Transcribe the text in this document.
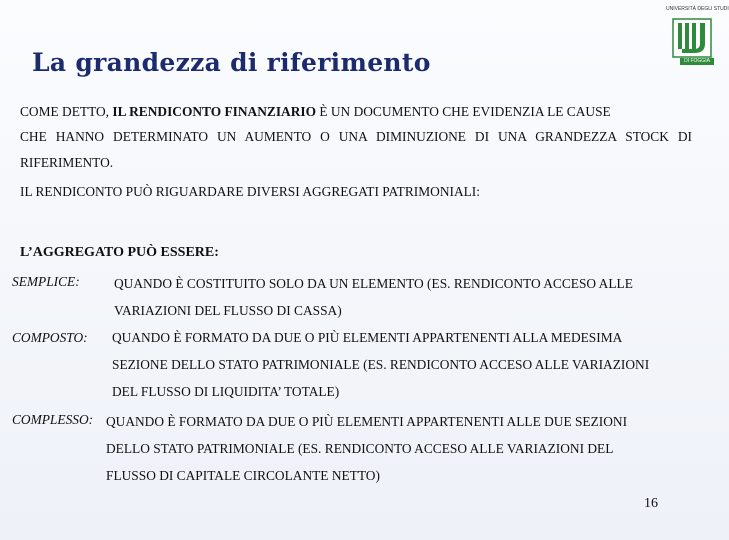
La grandezza di riferimento
UNIVERSITÀ DEGLI STUDI
DI FOGGIA
COME DETTO, IL RENDICONTO FINANZIARIO È UN DOCUMENTO CHE EVIDENZIA LE CAUSE
CHE HANNO DETERMINATO UN AUMENTO O UNA DIMINUZIONE DI UNA GRANDEZZA STOCK DI
RIFERIMENTO.
IL RENDICONTO PUÒ RIGUARDARE DIVERSI AGGREGATI PATRIMONIALI:
L’AGGREGATO PUÒ ESSERE:
SEMPLICE:	QUANDO È COSTITUITO SOLO DA UN ELEMENTO (ES. RENDICONTO ACCESO ALLE
VARIAZIONI DEL FLUSSO DI CASSA)
COMPOSTO: QUANDO È FORMATO DA DUE O PIÙ ELEMENTI APPARTENENTI ALLA MEDESIMA
SEZIONE DELLO STATO PATRIMONIALE (ES. RENDICONTO ACCESO ALLE VARIAZIONI
DEL FLUSSO DI LIQUIDITA’ TOTALE)
COMPLESSO: QUANDO È FORMATO DA DUE O PIÙ ELEMENTI APPARTENENTI ALLE DUE SEZIONI
DELLO STATO PATRIMONIALE (ES. RENDICONTO ACCESO ALLE VARIAZIONI DEL
FLUSSO DI CAPITALE CIRCOLANTE NETTO)
16
